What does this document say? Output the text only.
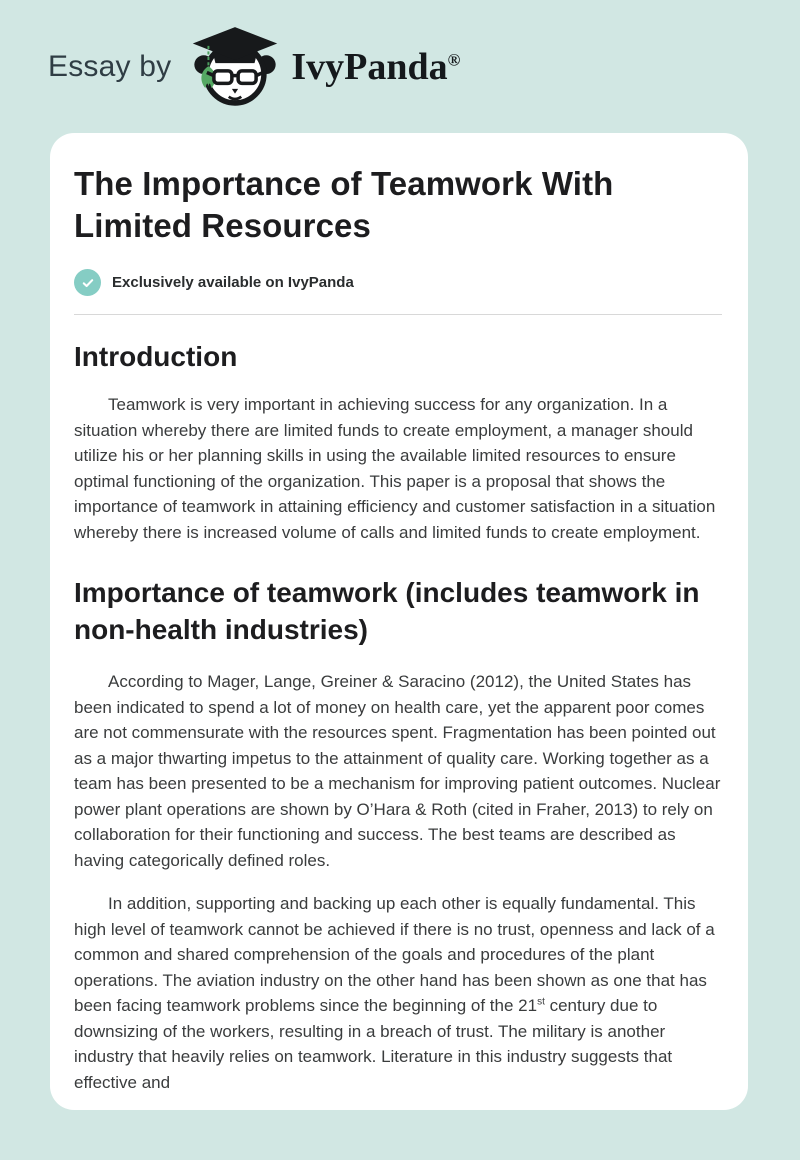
Essay by	IvyPanda®
The Importance of Teamwork With Limited Resources
Exclusively available on IvyPanda
Introduction

Teamwork is very important in achieving success for any organization. In a situation whereby there are limited funds to create employment, a manager should utilize his or her planning skills in using the available limited resources to ensure optimal functioning of the organization. This paper is a proposal that shows the importance of teamwork in attaining efficiency and customer satisfaction in a situation whereby there is increased volume of calls and limited funds to create employment.

Importance of teamwork (includes teamwork in non-health industries)

According to Mager, Lange, Greiner & Saracino (2012), the United States has been indicated to spend a lot of money on health care, yet the apparent poor comes are not commensurate with the resources spent. Fragmentation has been pointed out as a major thwarting impetus to the attainment of quality care. Working together as a team has been presented to be a mechanism for improving patient outcomes. Nuclear power plant operations are shown by O’Hara & Roth (cited in Fraher, 2013) to rely on collaboration for their functioning and success. The best teams are described as having categorically defined roles.

In addition, supporting and backing up each other is equally fundamental. This high level of teamwork cannot be achieved if there is no trust, openness and lack of a common and shared comprehension of the goals and procedures of the plant operations. The aviation industry on the other hand has been shown as one that has been facing teamwork problems since the beginning of the 21st century due to downsizing of the workers, resulting in a breach of trust. The military is another industry that heavily relies on teamwork. Literature in this industry suggests that effective and
